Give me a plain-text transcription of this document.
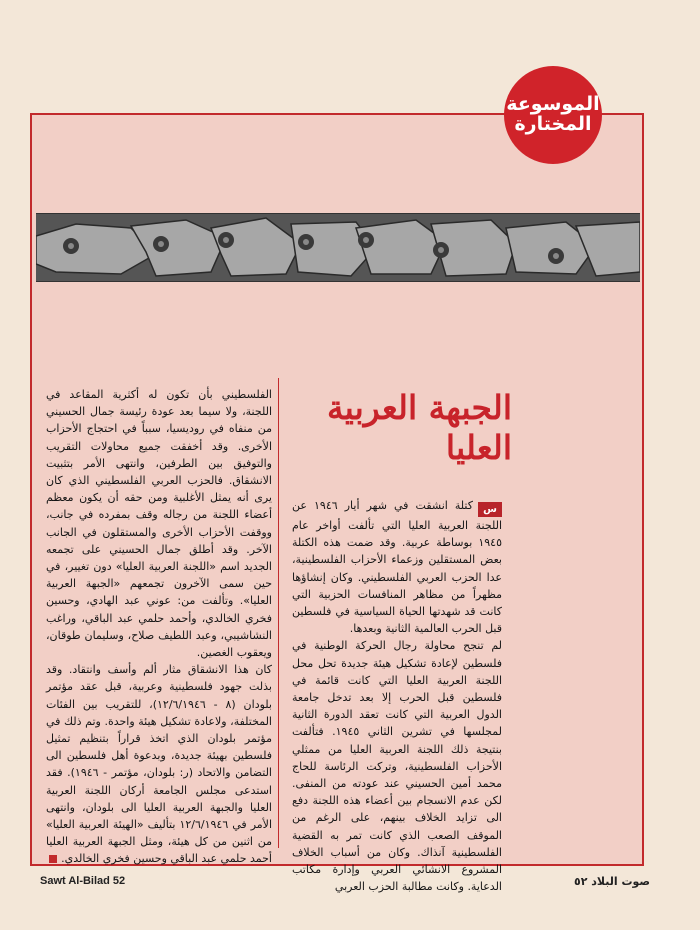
الموسوعة
المختارة
الجبهة العربية العليا

سكتلة انشقت في شهر أيار ١٩٤٦ عن اللجنة العربية العليا التي تألفت أواخر عام ١٩٤٥ بوساطة عربية. وقد ضمت هذه الكتلة بعض المستقلين وزعماء الأحزاب الفلسطينية، عدا الحزب العربي الفلسطيني. وكان إنشاؤها مظهراً من مظاهر المنافسات الحزبية التي كانت قد شهدتها الحياة السياسية في فلسطين قبل الحرب العالمية الثانية وبعدها.

لم تنجح محاولة رجال الحركة الوطنية في فلسطين لإعادة تشكيل هيئة جديدة تحل محل اللجنة العربية العليا التي كانت قائمة في فلسطين قبل الحرب إلا بعد تدخل جامعة الدول العربية التي كانت تعقد الدورة الثانية لمجلسها في تشرين الثاني ١٩٤٥. فتألفت بنتيجة ذلك اللجنة العربية العليا من ممثلي الأحزاب الفلسطينية، وتركت الرئاسة للحاج محمد أمين الحسيني عند عودته من المنفى. لكن عدم الانسجام بين أعضاء هذه اللجنة دفع الى تزايد الخلاف بينهم، على الرغم من الموقف الصعب الذي كانت تمر به القضية الفلسطينية آنذاك. وكان من أسباب الخلاف المشروع الانشائي العربي وإدارة مكاتب الدعاية. وكانت مطالبة الحزب العربي

الفلسطيني بأن تكون له أكثرية المقاعد في اللجنة، ولا سيما بعد عودة رئيسة جمال الحسيني من منفاه في روديسيا، سبباً في احتجاج الأحزاب الأخرى. وقد أخفقت جميع محاولات التقريب والتوفيق بين الطرفين، وانتهى الأمر بتثبيت الانشقاق. فالحزب العربي الفلسطيني الذي كان يرى أنه يمثل الأغلبية ومن حقه أن يكون معظم أعضاء اللجنة من رجاله وقف بمفرده في جانب، ووقفت الأحزاب الأخرى والمستقلون في الجانب الآخر. وقد أطلق جمال الحسيني على تجمعه الجديد اسم «اللجنة العربية العليا» دون تغيير، في حين سمى الآخرون تجمعهم «الجبهة العربية العليا». وتألفت من: عوني عبد الهادي، وحسين فخري الخالدي، وأحمد حلمي عبد الباقي، وراغب النشاشيبي، وعبد اللطيف صلاح، وسليمان طوقان، ويعقوب الغصين.

كان هذا الانشقاق مثار ألم وأسف وانتقاد. وقد بذلت جهود فلسطينية وعربية، قبل عقد مؤتمر بلودان (٨ - ١٢/٦/١٩٤٦)، للتقريب بين الفئات المختلفة، ولاعادة تشكيل هيئة واحدة. وتم ذلك في مؤتمر بلودان الذي اتخذ قراراً بتنظيم تمثيل فلسطين بهيئة جديدة، وبدعوة أهل فلسطين الى التضامن والاتحاد (ر: بلودان، مؤتمر - ١٩٤٦). فقد استدعى مجلس الجامعة أركان اللجنة العربية العليا والجبهة العربية العليا الى بلودان، وانتهى الأمر في ١٢/٦/١٩٤٦ بتأليف «الهيئة العربية العليا» من اثنين من كل هيئة، ومثل الجبهة العربية العليا أحمد حلمي عبد الباقي وحسين فخري الخالدي.

Sawt Al-Bilad 52	صوت البلاد ٥٢
